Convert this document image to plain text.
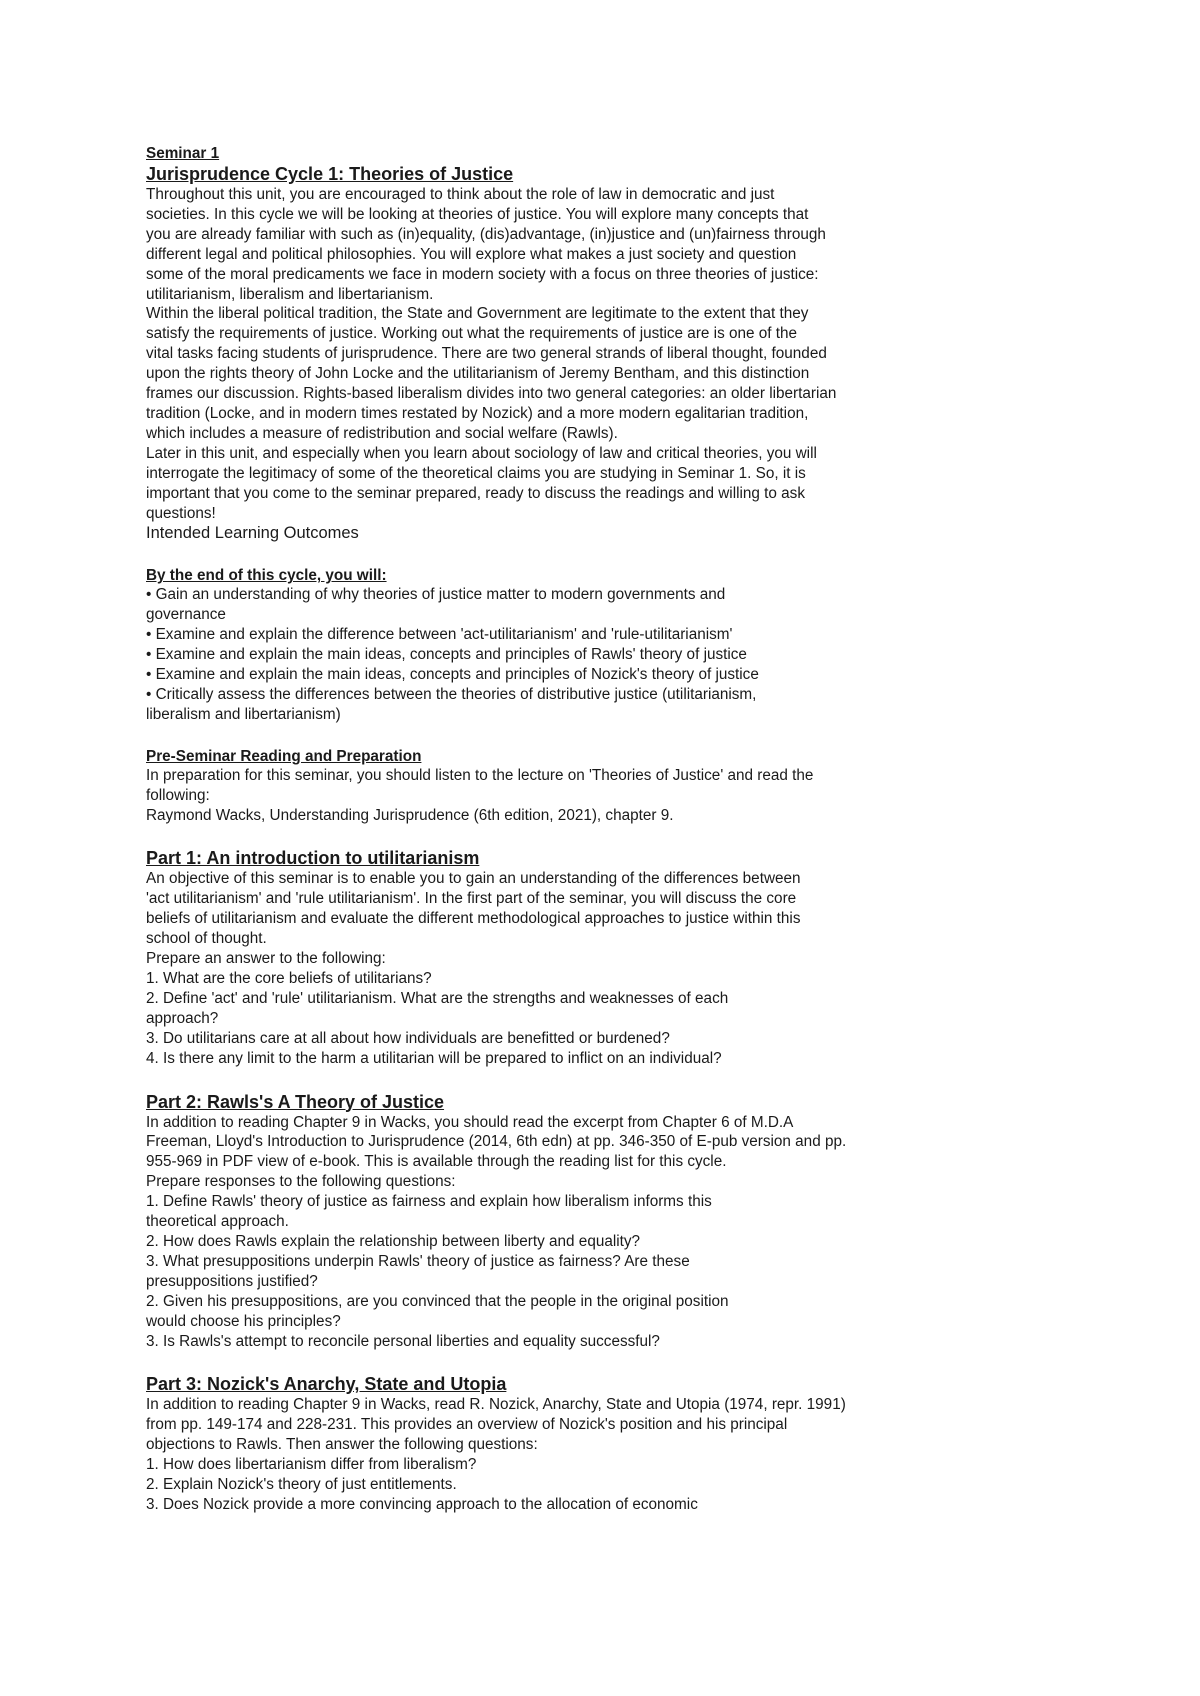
Seminar 1

Jurisprudence Cycle 1: Theories of Justice

Throughout this unit, you are encouraged to think about the role of law in democratic and just

societies. In this cycle we will be looking at theories of justice. You will explore many concepts that

you are already familiar with such as (in)equality, (dis)advantage, (in)justice and (un)fairness through

different legal and political philosophies. You will explore what makes a just society and question

some of the moral predicaments we face in modern society with a focus on three theories of justice:

utilitarianism, liberalism and libertarianism.

Within the liberal political tradition, the State and Government are legitimate to the extent that they

satisfy the requirements of justice. Working out what the requirements of justice are is one of the

vital tasks facing students of jurisprudence. There are two general strands of liberal thought, founded

upon the rights theory of John Locke and the utilitarianism of Jeremy Bentham, and this distinction

frames our discussion. Rights-based liberalism divides into two general categories: an older libertarian

tradition (Locke, and in modern times restated by Nozick) and a more modern egalitarian tradition,

which includes a measure of redistribution and social welfare (Rawls).

Later in this unit, and especially when you learn about sociology of law and critical theories, you will

interrogate the legitimacy of some of the theoretical claims you are studying in Seminar 1. So, it is

important that you come to the seminar prepared, ready to discuss the readings and willing to ask

questions!

Intended Learning Outcomes

By the end of this cycle, you will:

• Gain an understanding of why theories of justice matter to modern governments and

governance

• Examine and explain the difference between 'act-utilitarianism' and 'rule-utilitarianism'

• Examine and explain the main ideas, concepts and principles of Rawls' theory of justice

• Examine and explain the main ideas, concepts and principles of Nozick's theory of justice

• Critically assess the differences between the theories of distributive justice (utilitarianism,

liberalism and libertarianism)

Pre-Seminar Reading and Preparation

In preparation for this seminar, you should listen to the lecture on 'Theories of Justice' and read the

following:

Raymond Wacks, Understanding Jurisprudence (6th edition, 2021), chapter 9.

Part 1: An introduction to utilitarianism

An objective of this seminar is to enable you to gain an understanding of the differences between

'act utilitarianism' and 'rule utilitarianism'. In the first part of the seminar, you will discuss the core

beliefs of utilitarianism and evaluate the different methodological approaches to justice within this

school of thought.

Prepare an answer to the following:

1. What are the core beliefs of utilitarians?

2. Define 'act' and 'rule' utilitarianism. What are the strengths and weaknesses of each

approach?

3. Do utilitarians care at all about how individuals are benefitted or burdened?

4. Is there any limit to the harm a utilitarian will be prepared to inflict on an individual?

Part 2: Rawls's A Theory of Justice

In addition to reading Chapter 9 in Wacks, you should read the excerpt from Chapter 6 of M.D.A

Freeman, Lloyd's Introduction to Jurisprudence (2014, 6th edn) at pp. 346-350 of E-pub version and pp.

955-969 in PDF view of e-book. This is available through the reading list for this cycle.

Prepare responses to the following questions:

1. Define Rawls' theory of justice as fairness and explain how liberalism informs this

theoretical approach.

2. How does Rawls explain the relationship between liberty and equality?

3. What presuppositions underpin Rawls' theory of justice as fairness? Are these

presuppositions justified?

2. Given his presuppositions, are you convinced that the people in the original position

would choose his principles?

3. Is Rawls's attempt to reconcile personal liberties and equality successful?

Part 3: Nozick's Anarchy, State and Utopia

In addition to reading Chapter 9 in Wacks, read R. Nozick, Anarchy, State and Utopia (1974, repr. 1991)

from pp. 149-174 and 228-231. This provides an overview of Nozick's position and his principal

objections to Rawls. Then answer the following questions:

1. How does libertarianism differ from liberalism?

2. Explain Nozick's theory of just entitlements.

3. Does Nozick provide a more convincing approach to the allocation of economic
